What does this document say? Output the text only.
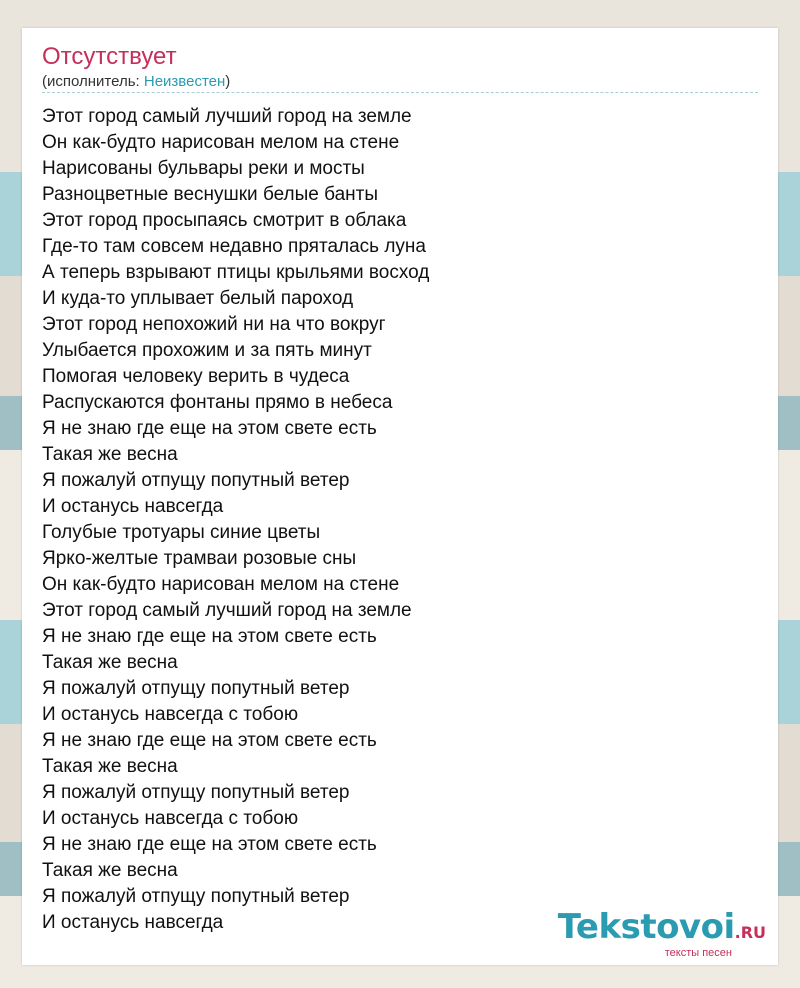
Отсутствует
(исполнитель: Неизвестен)
Этот город самый лучший город на земле
Он как-будто нарисован мелом на стене
Нарисованы бульвары реки и мосты
Разноцветные веснушки белые банты
Этот город просыпаясь смотрит в облака
Где-то там совсем недавно пряталась луна
А теперь взрывают птицы крыльями восход
И куда-то уплывает белый пароход
Этот город непохожий ни на что вокруг
Улыбается прохожим и за пять минут
Помогая человеку верить в чудеса
Распускаются фонтаны прямо в небеса
Я не знаю где еще на этом свете есть
Такая же весна
Я пожалуй отпущу попутный ветер
И останусь навсегда
Голубые тротуары синие цветы
Ярко-желтые трамваи розовые сны
Он как-будто нарисован мелом на стене
Этот город самый лучший город на земле
Я не знаю где еще на этом свете есть
Такая же весна
Я пожалуй отпущу попутный ветер
И останусь навсегда с тобою
Я не знаю где еще на этом свете есть
Такая же весна
Я пожалуй отпущу попутный ветер
И останусь навсегда с тобою
Я не знаю где еще на этом свете есть
Такая же весна
Я пожалуй отпущу попутный ветер
И останусь навсегда	Tekstovoi.RU
тексты песен
